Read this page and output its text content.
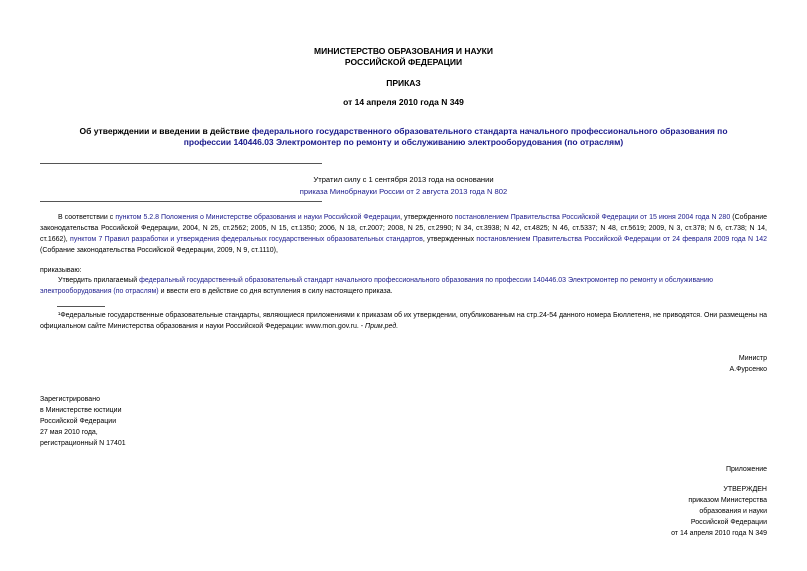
МИНИСТЕРСТВО ОБРАЗОВАНИЯ И НАУКИ
РОССИЙСКОЙ ФЕДЕРАЦИИ
ПРИКАЗ
от 14 апреля 2010 года N 349
Об утверждении и введении в действие федерального государственного образовательного стандарта начального профессионального образования по
профессии 140446.03 Электромонтер по ремонту и обслуживанию электрооборудования (по отраслям)
Утратил силу с 1 сентября 2013 года на основании
приказа Минобрнауки России от 2 августа 2013 года N 802
В соответствии с пунктом 5.2.8 Положения о Министерстве образования и науки Российской Федерации, утвержденного постановлением Правительства Российской Федерации от 15 июня 2004 года N 280 (Собрание законодательства Российской Федерации, 2004, N 25, ст.2562; 2005, N 15, ст.1350; 2006, N 18, ст.2007; 2008, N 25, ст.2990; N 34, ст.3938; N 42, ст.4825; N 46, ст.5337; N 48, ст.5619; 2009, N 3, ст.378; N 6, ст.738; N 14, ст.1662), пунктом 7 Правил разработки и утверждения федеральных государственных образовательных стандартов, утвержденных постановлением Правительства Российской Федерации от 24 февраля 2009 года N 142 (Собрание законодательства Российской Федерации, 2009, N 9, ст.1110),
приказываю:
Утвердить прилагаемый федеральный государственный образовательный стандарт начального профессионального образования по профессии 140446.03 Электромонтер по ремонту и обслуживанию электрооборудования (по отраслям) и ввести его в действие со дня вступления в силу настоящего приказа.
¹Федеральные государственные образовательные стандарты, являющиеся приложениями к приказам об их утверждении, опубликованным на стр.24-54 данного номера Бюллетеня, не приводятся. Они размещены на официальном сайте Министерства образования и науки Российской Федерации: www.mon.gov.ru. - Прим.ред.
Министр
А.Фурсенко
Зарегистрировано
в Министерстве юстиции
Российской Федерации
27 мая 2010 года,
регистрационный N 17401
Приложение
УТВЕРЖДЕН
приказом Министерства
образования и науки
Российской Федерации
от 14 апреля 2010 года N 349
